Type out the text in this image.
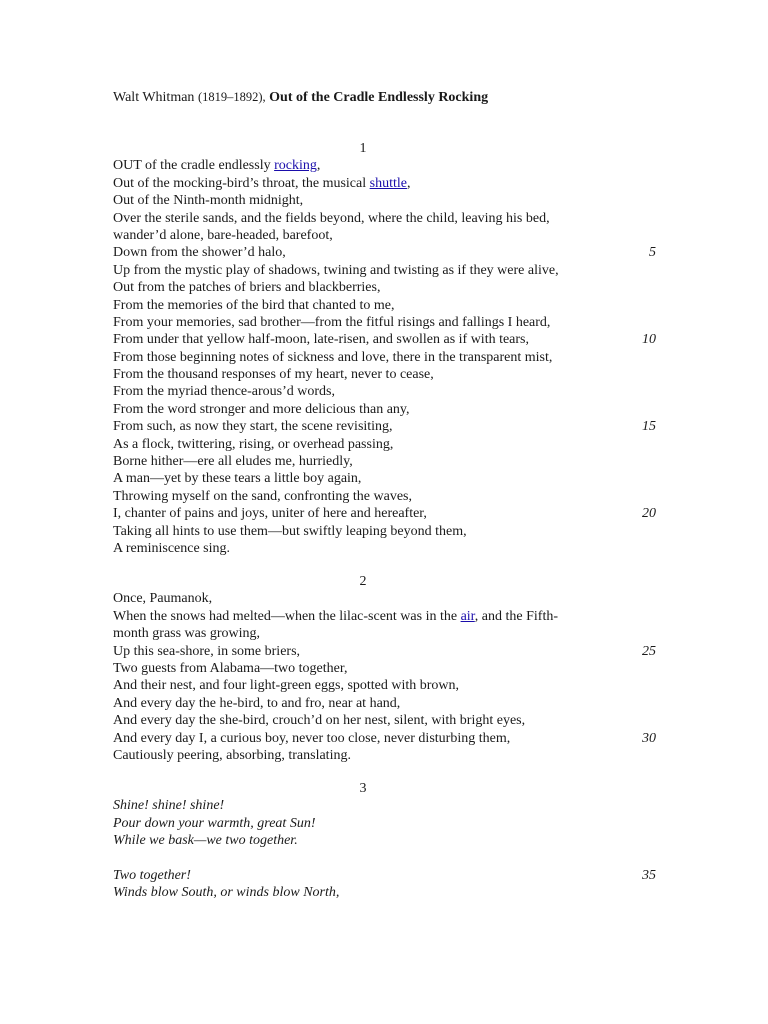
Walt Whitman (1819–1892), Out of the Cradle Endlessly Rocking
1
OUT of the cradle endlessly rocking,
Out of the mocking-bird’s throat, the musical shuttle,
Out of the Ninth-month midnight,
Over the sterile sands, and the fields beyond, where the child, leaving his bed,
wander’d alone, bare-headed, barefoot,
Down from the shower’d halo,	5
Up from the mystic play of shadows, twining and twisting as if they were alive,
Out from the patches of briers and blackberries,
From the memories of the bird that chanted to me,
From your memories, sad brother—from the fitful risings and fallings I heard,
From under that yellow half-moon, late-risen, and swollen as if with tears,	10
From those beginning notes of sickness and love, there in the transparent mist,
From the thousand responses of my heart, never to cease,
From the myriad thence-arous’d words,
From the word stronger and more delicious than any,
From such, as now they start, the scene revisiting,	15
As a flock, twittering, rising, or overhead passing,
Borne hither—ere all eludes me, hurriedly,
A man—yet by these tears a little boy again,
Throwing myself on the sand, confronting the waves,
I, chanter of pains and joys, uniter of here and hereafter,	20
Taking all hints to use them—but swiftly leaping beyond them,
A reminiscence sing.
2
Once, Paumanok,
When the snows had melted—when the lilac-scent was in the air, and the Fifth-
month grass was growing,
Up this sea-shore, in some briers,	25
Two guests from Alabama—two together,
And their nest, and four light-green eggs, spotted with brown,
And every day the he-bird, to and fro, near at hand,
And every day the she-bird, crouch’d on her nest, silent, with bright eyes,
And every day I, a curious boy, never too close, never disturbing them,	30
Cautiously peering, absorbing, translating.
3
Shine! shine! shine!
Pour down your warmth, great Sun!
While we bask—we two together.
Two together!	35
Winds blow South, or winds blow North,
